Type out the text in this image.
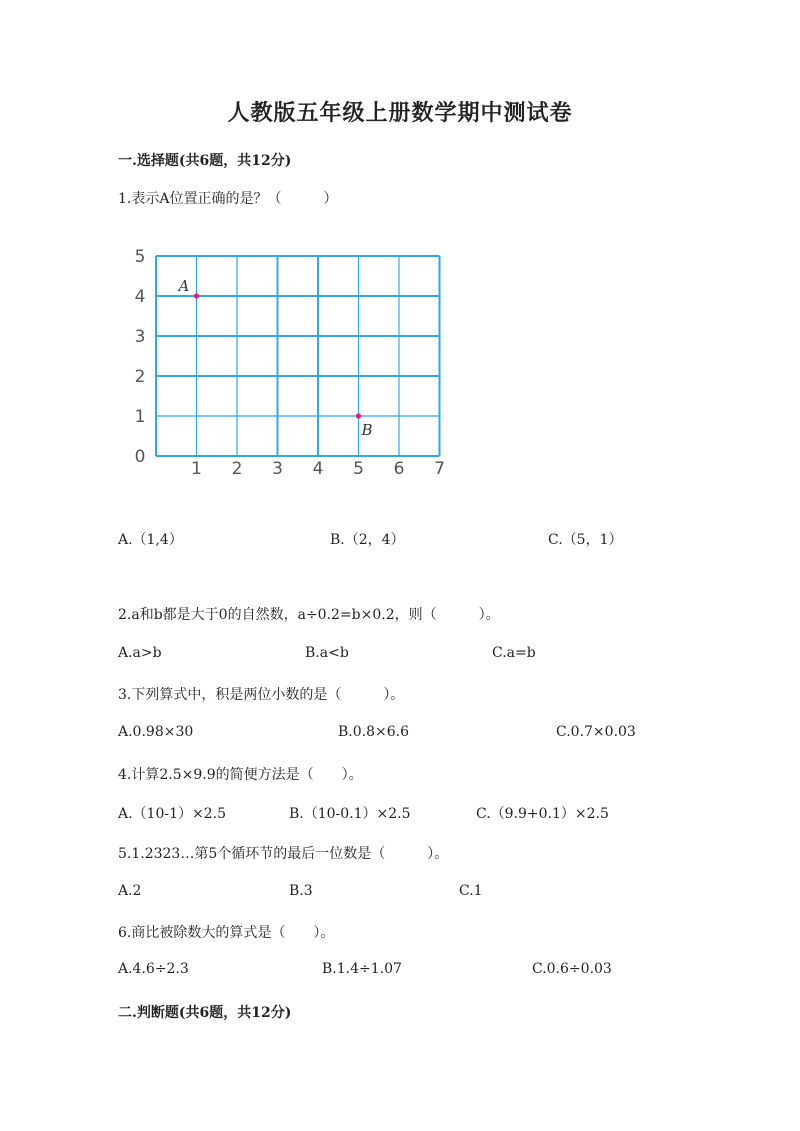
人教版五年级上册数学期中测试卷
一.选择题(共6题，共12分)
1.表示A位置正确的是？（　　　）
0
1
2
3
4
5
1 2 3 4 5 6 7
A
B
A.（1,4）	B.（2，4）	C.（5，1）
2.a和b都是大于0的自然数，a÷0.2=b×0.2，则（　　　）。
A.a>b	B.a<b	C.a=b
3.下列算式中，积是两位小数的是（　　　）。
A.0.98×30	B.0.8×6.6	C.0.7×0.03
4.计算2.5×9.9的简便方法是（　　）。
A.（10-1）×2.5	B.（10-0.1）×2.5	C.（9.9+0.1）×2.5
5.1.2323…第5个循环节的最后一位数是（　　　）。
A.2	B.3	C.1
6.商比被除数大的算式是（　　）。
A.4.6÷2.3	B.1.4÷1.07	C.0.6÷0.03
二.判断题(共6题，共12分)
